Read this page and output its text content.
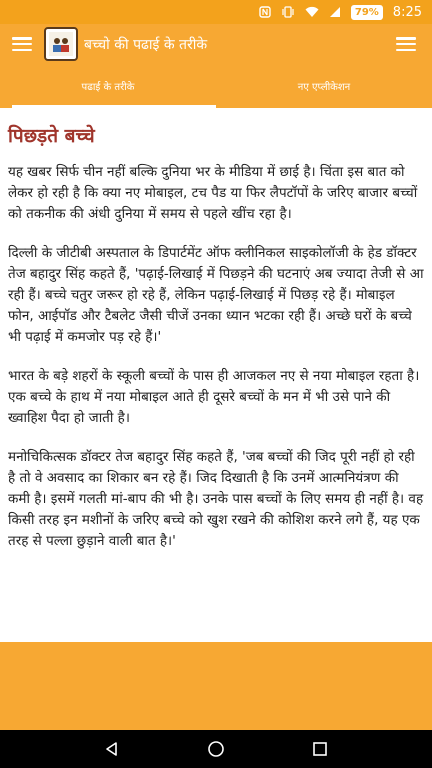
79%	8:25
बच्चो की पढाई के तरीके
पढाई के तरीके	नए एप्लीकेशन
पिछड़ते बच्चे

यह खबर सिर्फ चीन नहीं बल्कि दुनिया भर के मीडिया में छाई है। चिंता इस बात को लेकर हो रही है कि क्या नए मोबाइल, टच पैड या फिर लैपटॉपों के जरिए बाजार बच्चों को तकनीक की अंधी दुनिया में समय से पहले खींच रहा है।

दिल्ली के जीटीबी अस्पताल के डिपार्टमेंट ऑफ क्लीनिकल साइकोलॉजी के हेड डॉक्टर तेज बहादुर सिंह कहते हैं, 'पढ़ाई-लिखाई में पिछड़ने की घटनाएं अब ज्यादा तेजी से आ रही हैं। बच्चे चतुर जरूर हो रहे हैं, लेकिन पढ़ाई-लिखाई में पिछड़ रहे हैं। मोबाइल फोन, आईपॉड और टैबलेट जैसी चीजें उनका ध्यान भटका रही हैं। अच्छे घरों के बच्चे भी पढ़ाई में कमजोर पड़ रहे हैं।'

भारत के बड़े शहरों के स्कूली बच्चों के पास ही आजकल नए से नया मोबाइल रहता है। एक बच्चे के हाथ में नया मोबाइल आते ही दूसरे बच्चों के मन में भी उसे पाने की ख्वाहिश पैदा हो जाती है।

मनोचिकित्सक डॉक्टर तेज बहादुर सिंह कहते हैं, 'जब बच्चों की जिद पूरी नहीं हो रही है तो वे अवसाद का शिकार बन रहे हैं। जिद दिखाती है कि उनमें आत्मनियंत्रण की कमी है। इसमें गलती मां-बाप की भी है। उनके पास बच्चों के लिए समय ही नहीं है। वह किसी तरह इन मशीनों के जरिए बच्चे को खुश रखने की कोशिश करने लगे हैं, यह एक तरह से पल्ला छुड़ाने वाली बात है।'
